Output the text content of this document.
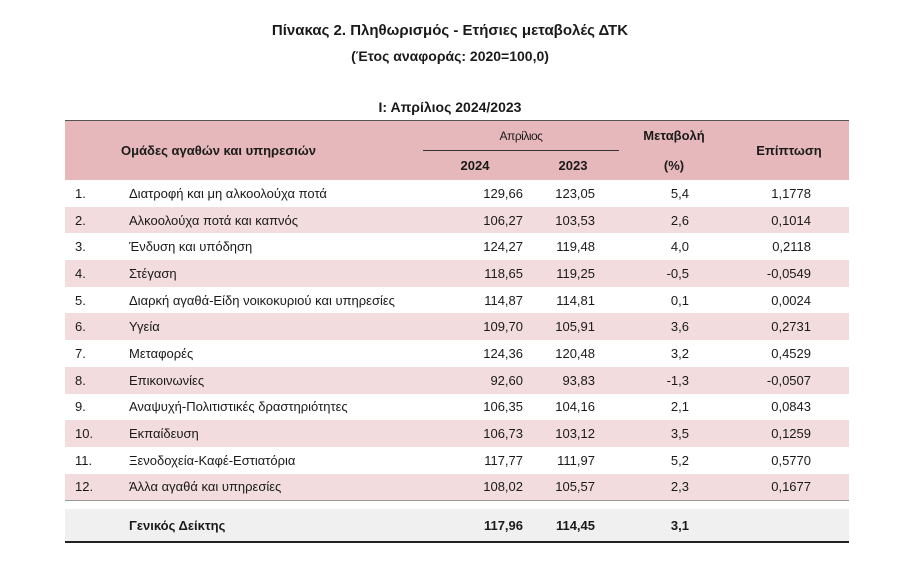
Πίνακας 2. Πληθωρισμός - Ετήσιες μεταβολές ΔΤΚ
(Έτος αναφοράς: 2020=100,0)
Ι: Απρίλιος 2024/2023
Ομάδες αγαθών και υπηρεσιών		Απρίλιος		Μεταβολή	Επίπτωση
		2024	2023	(%)	
1.	Διατροφή και μη αλκοολούχα ποτά	129,66	123,05	5,4	1,1778
2.	Αλκοολούχα ποτά και καπνός	106,27	103,53	2,6	0,1014
3.	Ένδυση και υπόδηση	124,27	119,48	4,0	0,2118
4.	Στέγαση	118,65	119,25	-0,5	-0,0549
5.	Διαρκή αγαθά-Είδη νοικοκυριού και υπηρεσίες	114,87	114,81	0,1	0,0024
6.	Υγεία	109,70	105,91	3,6	0,2731
7.	Μεταφορές	124,36	120,48	3,2	0,4529
8.	Επικοινωνίες	92,60	93,83	-1,3	-0,0507
9.	Αναψυχή-Πολιτιστικές δραστηριότητες	106,35	104,16	2,1	0,0843
10.	Εκπαίδευση	106,73	103,12	3,5	0,1259
11.	Ξενοδοχεία-Καφέ-Εστιατόρια	117,77	111,97	5,2	0,5770
12.	Άλλα αγαθά και υπηρεσίες	108,02	105,57	2,3	0,1677

	Γενικός Δείκτης	117,96	114,45	3,1	
